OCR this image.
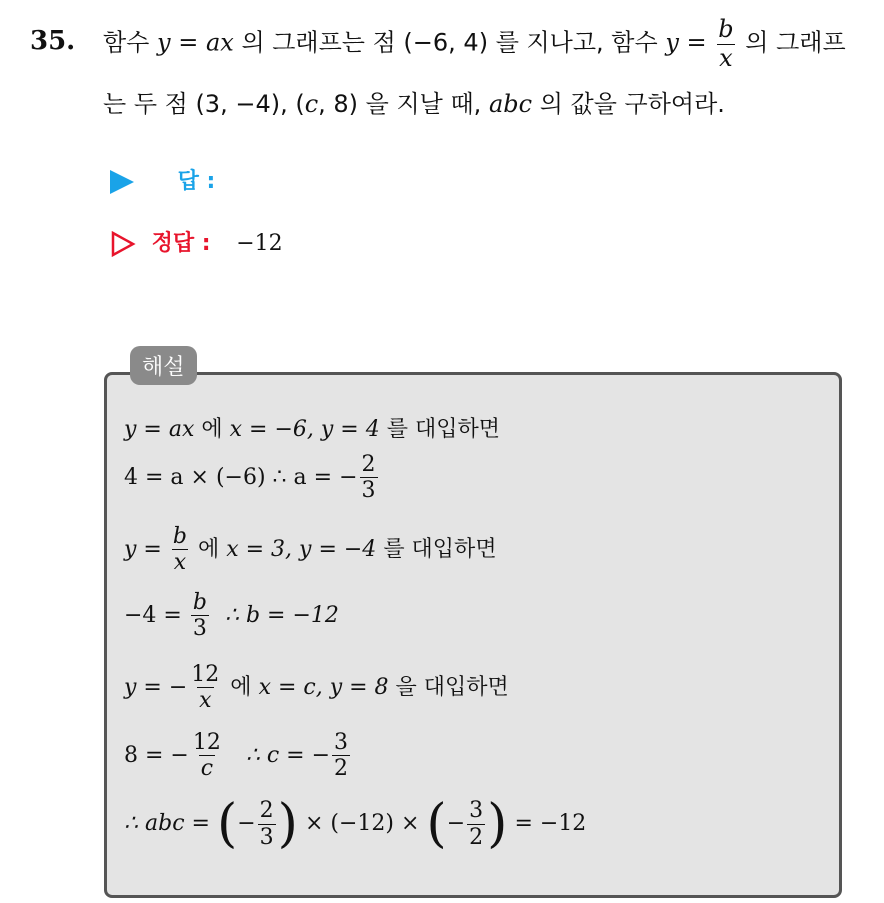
35. 함수 y = ax 의 그래프는 점 (−6, 4) 를 지나고, 함수 $y = \frac{b}{x}$ 의 그래프
는 두 점 (3, −4), (c, 8) 을 지날 때, abc 의 값을 구하여라.
답 :
정답 : −12
해설
y = ax 에 x = −6, y = 4 를 대입하면
4 = a × (−6) ∴ a = − $\frac{2}{3}$
$y = \frac{b}{x}$ 에 x = 3, y = −4 를 대입하면
$-4 = \frac{b}{3}$ ∴ b = −12
y = − $\frac{12}{x}$ 에 x = c, y = 8 을 대입하면
8 = − $\frac{12}{c}$ ∴ c = − $\frac{3}{2}$
∴ abc = (− $\frac{2}{3}$ ) × (−12) × (− $\frac{3}{2}$ ) = −12
